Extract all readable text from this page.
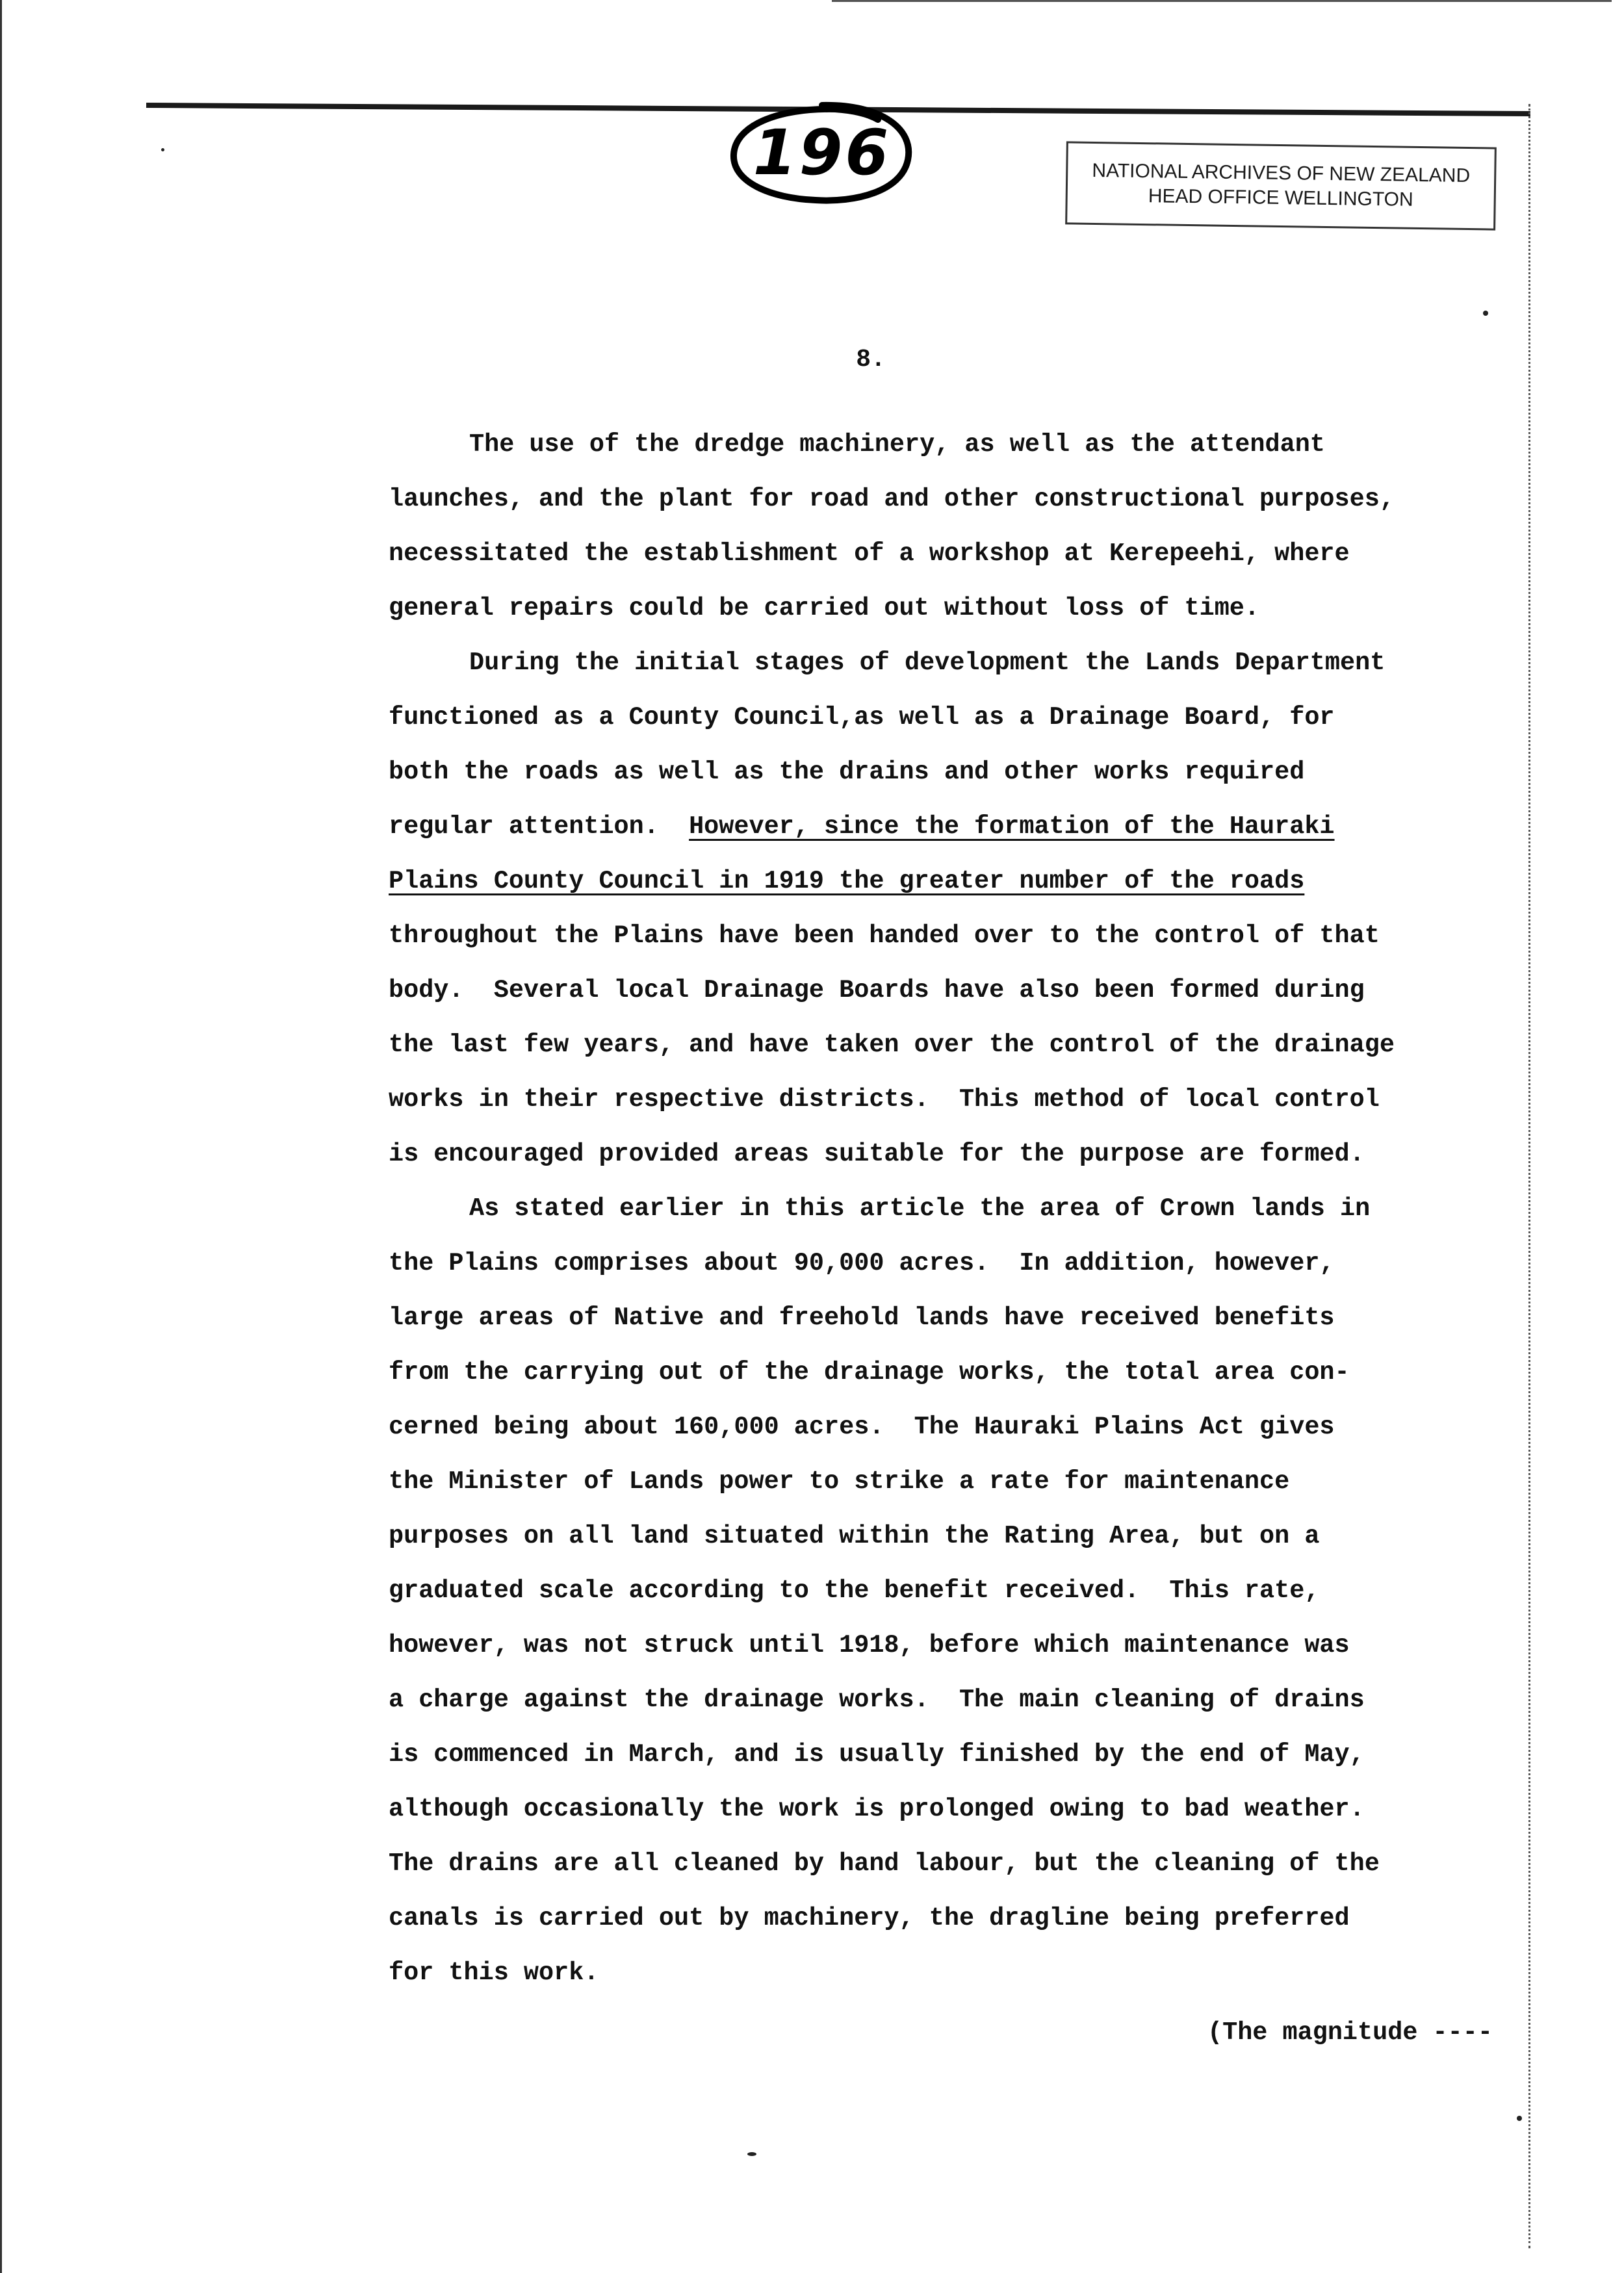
196	NATIONAL ARCHIVES OF NEW ZEALAND
HEAD OFFICE WELLINGTON
8.
The use of the dredge machinery, as well as the attendant
launches, and the plant for road and other constructional purposes,
necessitated the establishment of a workshop at Kerepeehi, where
general repairs could be carried out without loss of time.
During the initial stages of development the Lands Department
functioned as a County Council,as well as a Drainage Board, for
both the roads as well as the drains and other works required
regular attention.  However, since the formation of the Hauraki
Plains County Council in 1919 the greater number of the roads
throughout the Plains have been handed over to the control of that
body.  Several local Drainage Boards have also been formed during
the last few years, and have taken over the control of the drainage
works in their respective districts.  This method of local control
is encouraged provided areas suitable for the purpose are formed.
As stated earlier in this article the area of Crown lands in
the Plains comprises about 90,000 acres.  In addition, however,
large areas of Native and freehold lands have received benefits
from the carrying out of the drainage works, the total area con-
cerned being about 160,000 acres.  The Hauraki Plains Act gives
the Minister of Lands power to strike a rate for maintenance
purposes on all land situated within the Rating Area, but on a
graduated scale according to the benefit received.  This rate,
however, was not struck until 1918, before which maintenance was
a charge against the drainage works.  The main cleaning of drains
is commenced in March, and is usually finished by the end of May,
although occasionally the work is prolonged owing to bad weather.
The drains are all cleaned by hand labour, but the cleaning of the
canals is carried out by machinery, the dragline being preferred
for this work.
(The magnitude ----
